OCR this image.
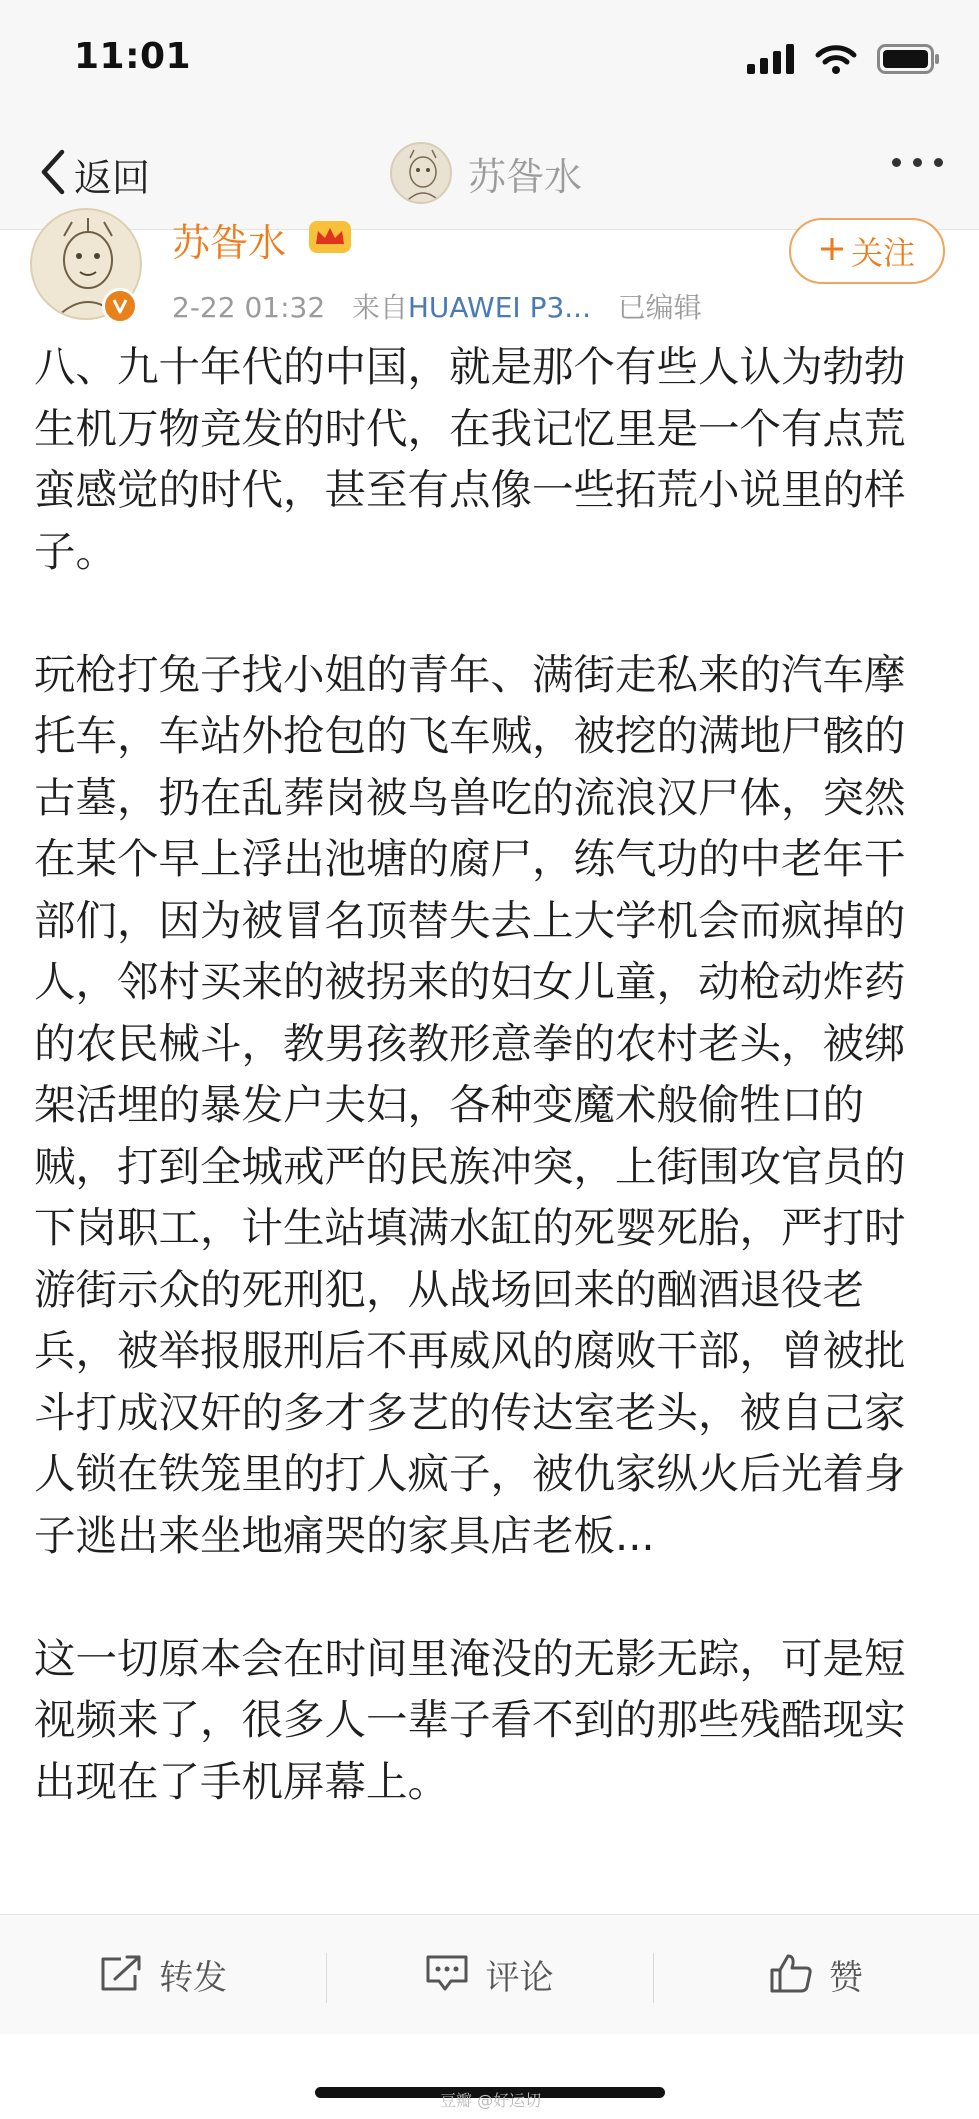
11:01
返回	苏昝水
苏昝水
2-22 01:32 来自HUAWEI P3... 已编辑
关注

八、九十年代的中国，就是那个有些人认为勃勃生机万物竞发的时代，在我记忆里是一个有点荒蛮感觉的时代，甚至有点像一些拓荒小说里的样子。

玩枪打兔子找小姐的青年、满街走私来的汽车摩托车，车站外抢包的飞车贼，被挖的满地尸骸的古墓，扔在乱葬岗被鸟兽吃的流浪汉尸体，突然在某个早上浮出池塘的腐尸，练气功的中老年干部们，因为被冒名顶替失去上大学机会而疯掉的人，邻村买来的被拐来的妇女儿童，动枪动炸药的农民械斗，教男孩教形意拳的农村老头，被绑架活埋的暴发户夫妇，各种变魔术般偷牲口的贼，打到全城戒严的民族冲突，上街围攻官员的下岗职工，计生站填满水缸的死婴死胎，严打时游街示众的死刑犯，从战场回来的酗酒退役老兵，被举报服刑后不再威风的腐败干部，曾被批斗打成汉奸的多才多艺的传达室老头，被自己家人锁在铁笼里的打人疯子，被仇家纵火后光着身子逃出来坐地痛哭的家具店老板...

这一切原本会在时间里淹没的无影无踪，可是短视频来了，很多人一辈子看不到的那些残酷现实出现在了手机屏幕上。

转发	评论	赞
豆瓣 @好运切
